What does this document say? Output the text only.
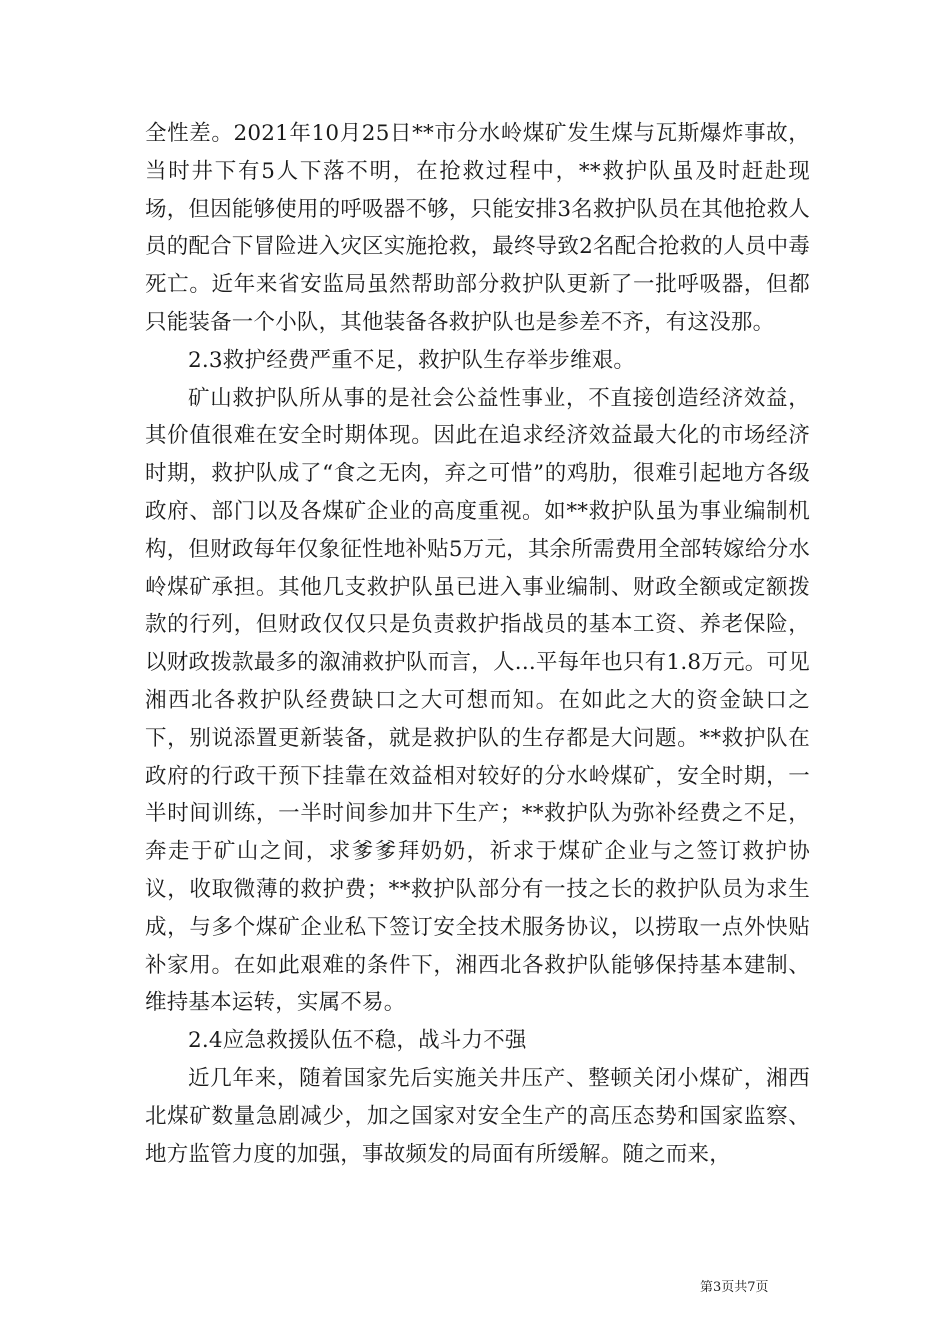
全性差。2021年10月25日**市分水岭煤矿发生煤与瓦斯爆炸事故，当时井下有5人下落不明，在抢救过程中，**救护队虽及时赶赴现场，但因能够使用的呼吸器不够，只能安排3名救护队员在其他抢救人员的配合下冒险进入灾区实施抢救，最终导致2名配合抢救的人员中毒死亡。近年来省安监局虽然帮助部分救护队更新了一批呼吸器，但都只能装备一个小队，其他装备各救护队也是参差不齐，有这没那。

2.3救护经费严重不足，救护队生存举步维艰。

矿山救护队所从事的是社会公益性事业，不直接创造经济效益，其价值很难在安全时期体现。因此在追求经济效益最大化的市场经济时期，救护队成了“食之无肉，弃之可惜”的鸡肋，很难引起地方各级政府、部门以及各煤矿企业的高度重视。如**救护队虽为事业编制机构，但财政每年仅象征性地补贴5万元，其余所需费用全部转嫁给分水岭煤矿承担。其他几支救护队虽已进入事业编制、财政全额或定额拨款的行列，但财政仅仅只是负责救护指战员的基本工资、养老保险，以财政拨款最多的溆浦救护队而言，人...平每年也只有1.8万元。可见湘西北各救护队经费缺口之大可想而知。在如此之大的资金缺口之下，别说添置更新装备，就是救护队的生存都是大问题。**救护队在政府的行政干预下挂靠在效益相对较好的分水岭煤矿，安全时期，一半时间训练，一半时间参加井下生产；**救护队为弥补经费之不足，奔走于矿山之间，求爹爹拜奶奶，祈求于煤矿企业与之签订救护协议，收取微薄的救护费；**救护队部分有一技之长的救护队员为求生成，与多个煤矿企业私下签订安全技术服务协议，以捞取一点外快贴补家用。在如此艰难的条件下，湘西北各救护队能够保持基本建制、维持基本运转，实属不易。

2.4应急救援队伍不稳，战斗力不强

近几年来，随着国家先后实施关井压产、整顿关闭小煤矿，湘西北煤矿数量急剧减少，加之国家对安全生产的高压态势和国家监察、地方监管力度的加强，事故频发的局面有所缓解。随之而来，

第3页共7页
